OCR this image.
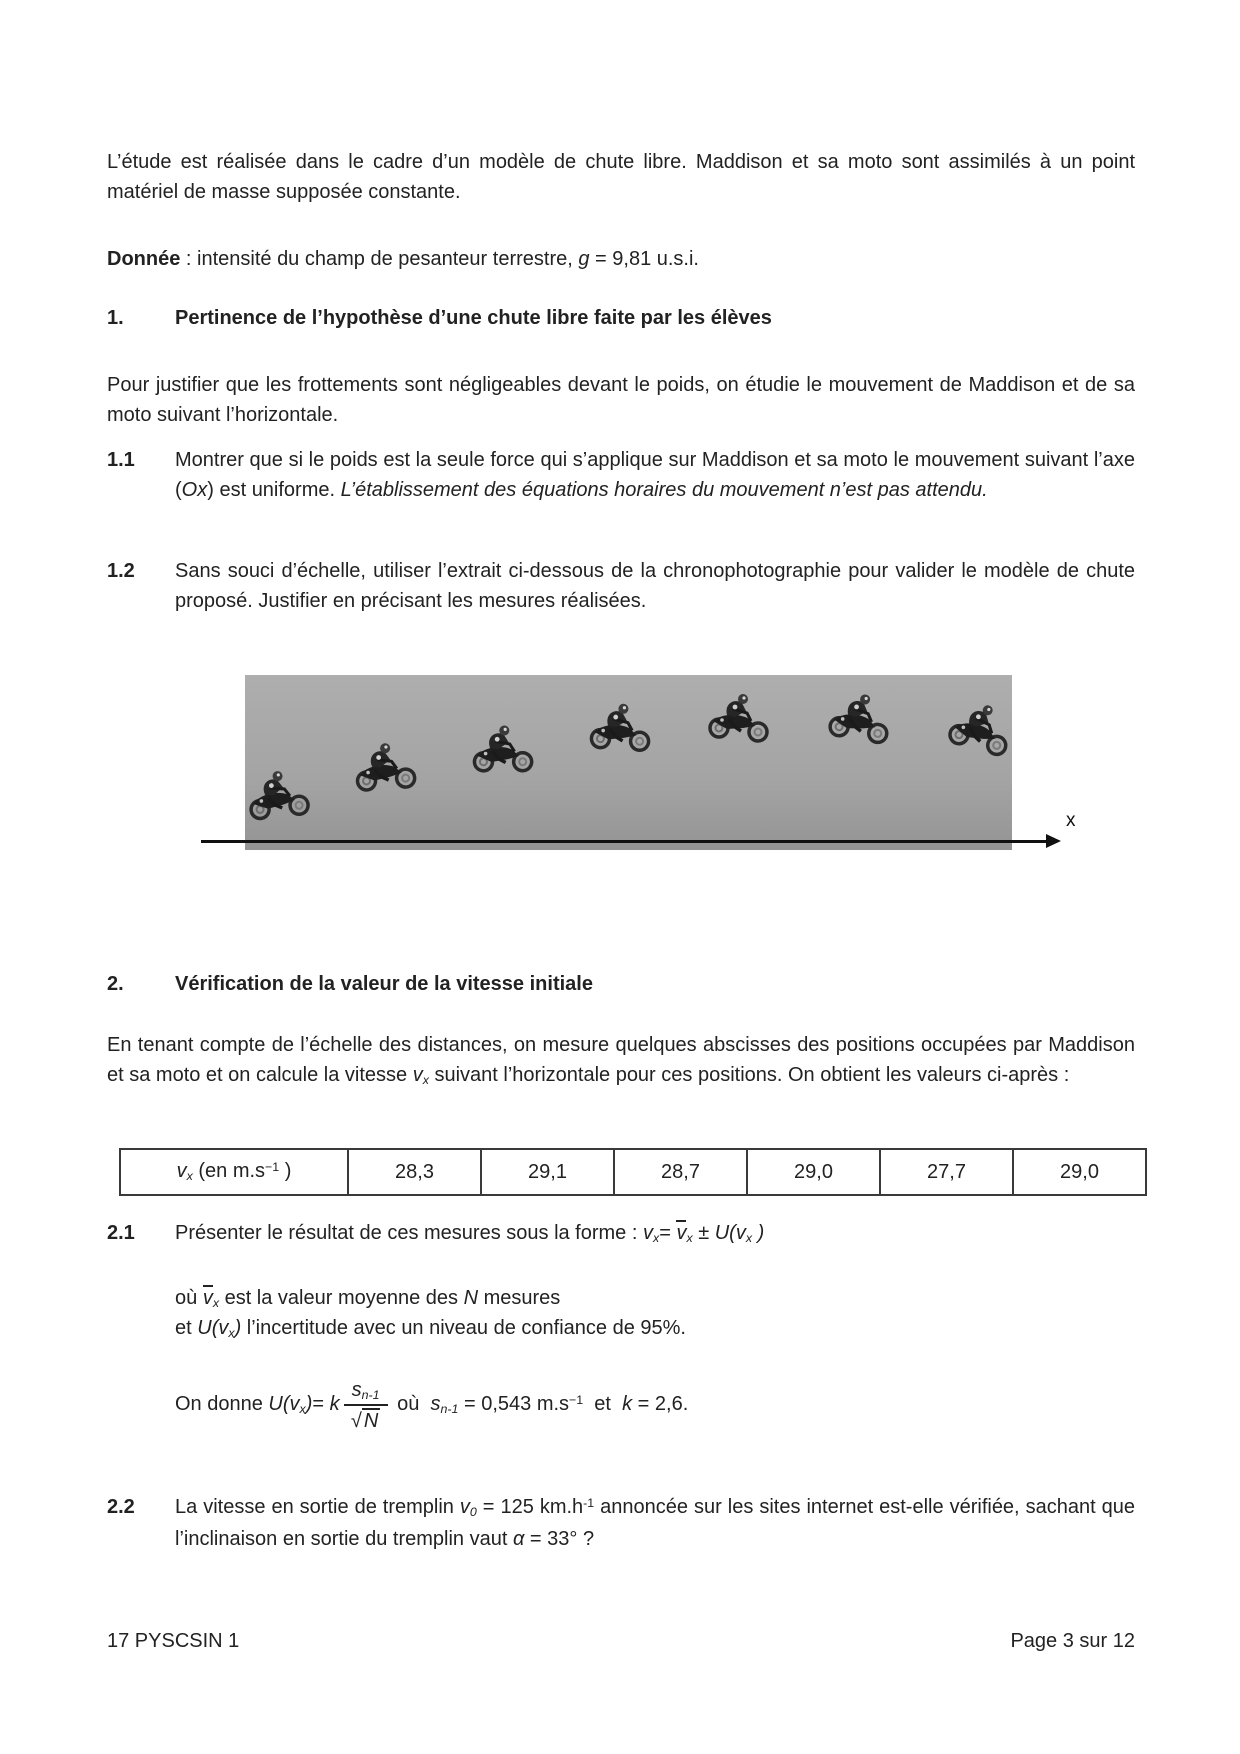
L’étude est réalisée dans le cadre d’un modèle de chute libre. Maddison et sa moto sont assimilés à un point matériel de masse supposée constante.
Donnée : intensité du champ de pesanteur terrestre, g = 9,81 u.s.i.
1.	Pertinence de l’hypothèse d’une chute libre faite par les élèves
Pour justifier que les frottements sont négligeables devant le poids, on étudie le mouvement de Maddison et de sa moto suivant l’horizontale.
1.1 Montrer que si le poids est la seule force qui s’applique sur Maddison et sa moto le mouvement suivant l’axe (Ox) est uniforme. L’établissement des équations horaires du mouvement n’est pas attendu.
1.2 Sans souci d’échelle, utiliser l’extrait ci-dessous de la chronophotographie pour valider le modèle de chute proposé. Justifier en précisant les mesures réalisées.
x
2.	Vérification de la valeur de la vitesse initiale
En tenant compte de l’échelle des distances, on mesure quelques abscisses des positions occupées par Maddison et sa moto et on calcule la vitesse vx suivant l’horizontale pour ces positions. On obtient les valeurs ci-après :
vx (en $m.s^{-1}$ )	28,3	29,1	28,7	29,0	27,7	29,0
2.1 Présenter le résultat de ces mesures sous la forme : vx= vx ± U(vx )
où vx est la valeur moyenne des N mesures
et U(vx) l’incertitude avec un niveau de confiance de 95%.
On donne U(vx)= k $\frac{sn-1}{√ N}$ où  sn-1 = 0,543 $m.s^{-1}$  et  k = 2,6.
2.2 La vitesse en sortie de tremplin v0 = 125 $km.h^{-1}$ annoncée sur les sites internet est-elle vérifiée, sachant que l’inclinaison en sortie du tremplin vaut α = 33° ?
17 PYSCSIN 1	Page 3 sur 12
